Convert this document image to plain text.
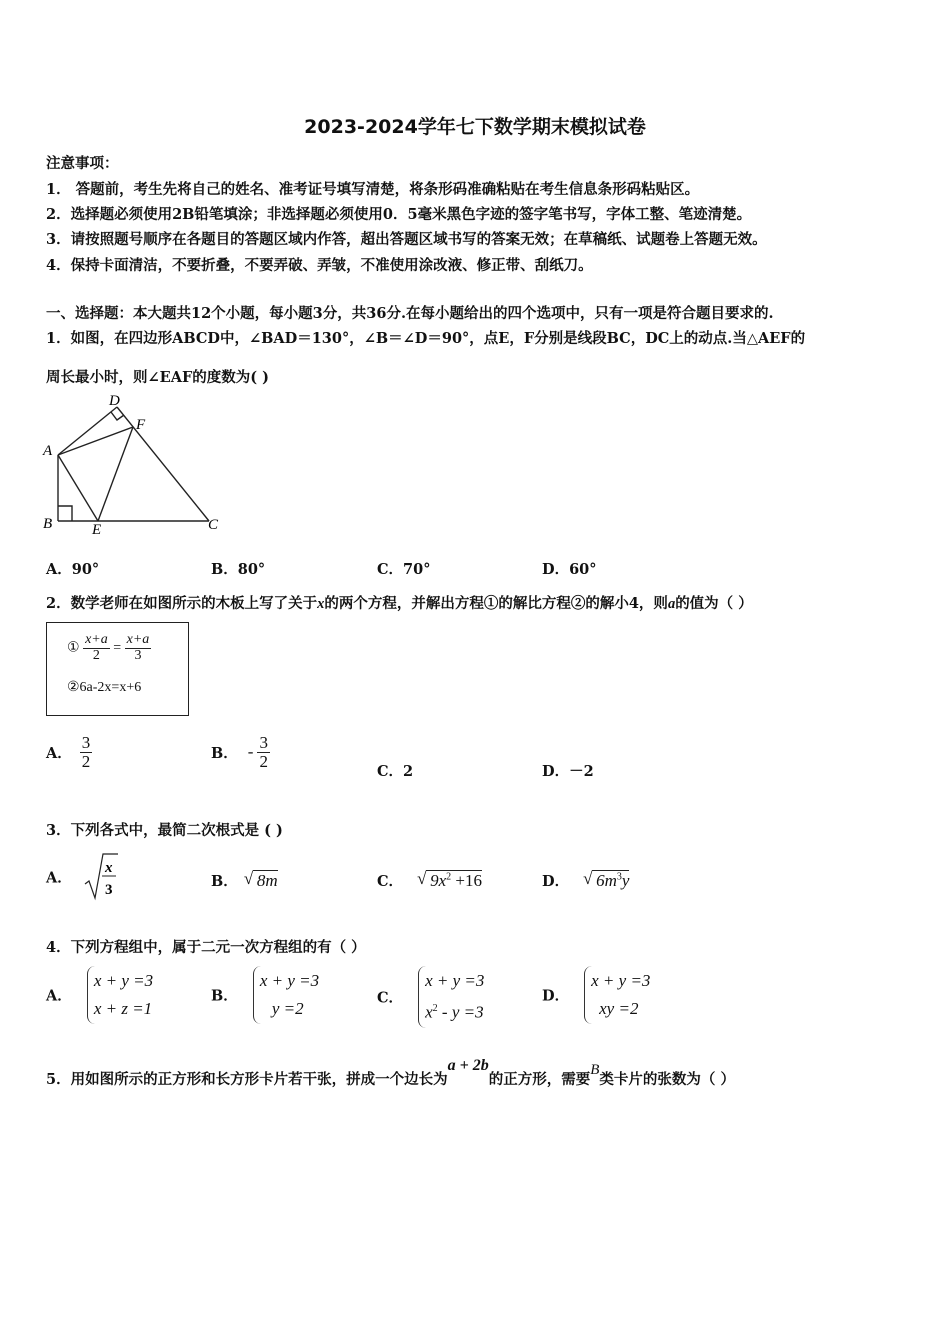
2023-2024学年七下数学期末模拟试卷
注意事项：
1． 答题前，考生先将自己的姓名、准考证号填写清楚，将条形码准确粘贴在考生信息条形码粘贴区。
2．选择题必须使用2B铅笔填涂；非选择题必须使用0．5毫米黑色字迹的签字笔书写，字体工整、笔迹清楚。
3．请按照题号顺序在各题目的答题区域内作答，超出答题区域书写的答案无效；在草稿纸、试题卷上答题无效。
4．保持卡面清洁，不要折叠，不要弄破、弄皱，不准使用涂改液、修正带、刮纸刀。
一、选择题：本大题共12个小题，每小题3分，共36分.在每小题给出的四个选项中，只有一项是符合题目要求的.
1．如图，在四边形ABCD中，∠BAD＝130°，∠B＝∠D＝90°，点E，F分别是线段BC，DC上的动点.当△AEF的
周长最小时，则∠EAF的度数为( )
A
B	C
D
E
F
A．90°	B．80°	C．70°	D．60°
2．数学老师在如图所示的木板上写了关于x的两个方程，并解出方程①的解比方程②的解小4，则a的值为（ ）
① $\frac{x+a}{2} = \frac{x+a}{3}$
②6a-2x=x+6
A． $\frac{3}{2}$	B． - $\frac{3}{2}$
C．2	D．－2
3．下列各式中，最简二次根式是 ( )
A．
x
3	B． √ 8m	C． √ $9x^2 +16$	D． √ $6m^3y$
4．下列方程组中，属于二元一次方程组的有（ ）
A．
x + y =3
x + z =1
B．
x + y =3
y =2
C．
x + y =3
$x^2 - y =3$
D．
x + y =3
xy =2
5．用如图所示的正方形和长方形卡片若干张，拼成一个边长为a + 2b的正方形，需要B类卡片的张数为（ ）
